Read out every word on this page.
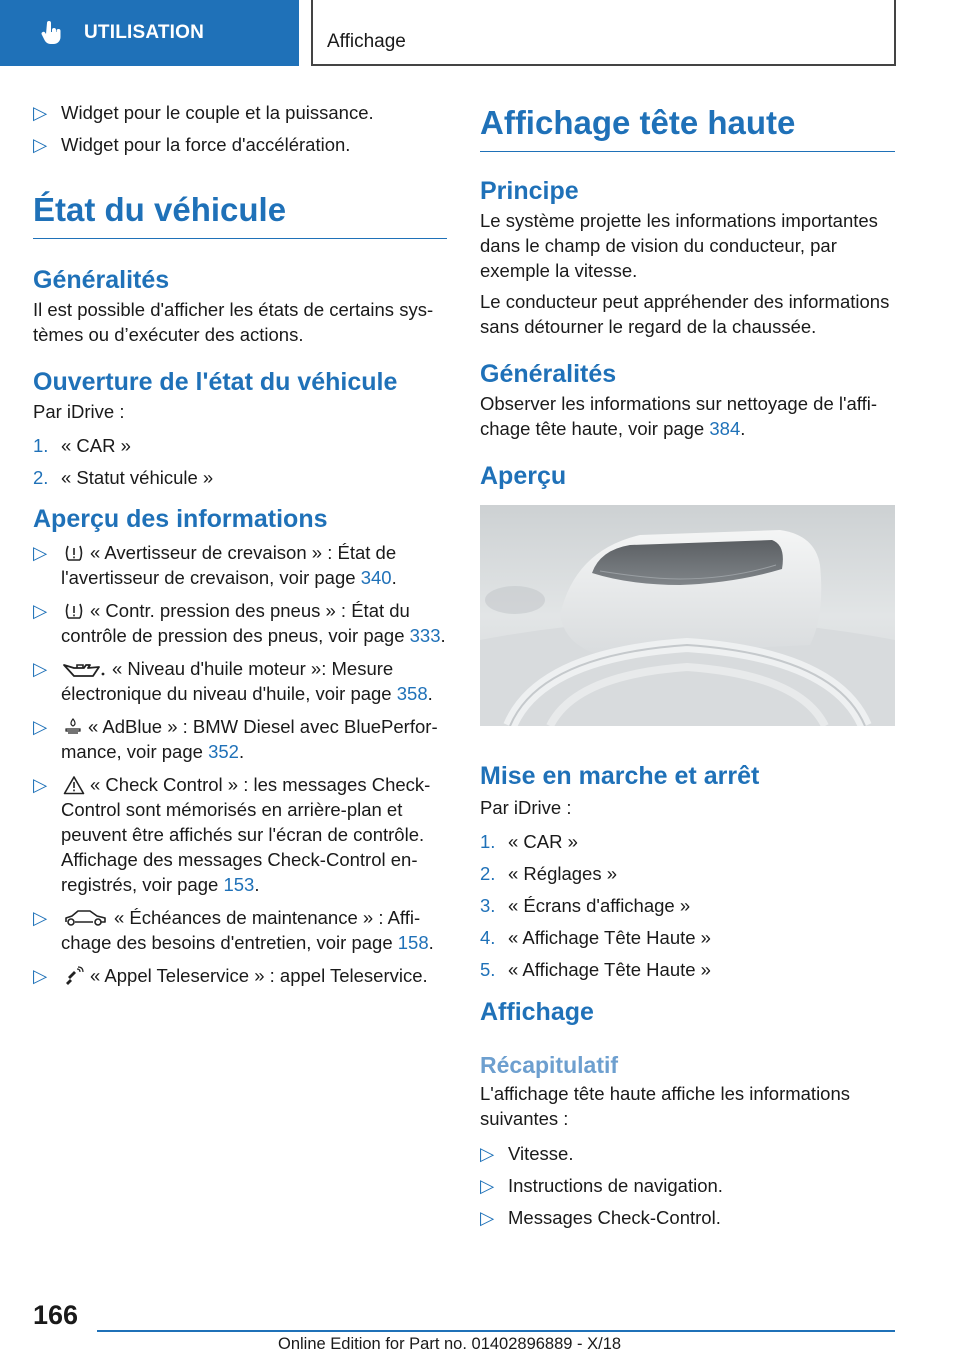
UTILISATION	Affichage
▷ Widget pour le couple et la puissance.
▷ Widget pour la force d'accélération.
État du véhicule
Généralités
Il est possible d'afficher les états de certains systèmes ou d’exécuter des actions.
Ouverture de l'état du véhicule
Par iDrive :
1. « CAR »
2. « Statut véhicule »
Aperçu des informations
▷	« Avertisseur de crevaison » : État de l'avertisseur de crevaison, voir page 340.
▷	« Contr. pression des pneus » : État du contrôle de pression des pneus, voir page 333.
▷	« Niveau d'huile moteur »: Mesure électronique du niveau d'huile, voir page 358.
▷	« AdBlue » : BMW Diesel avec BluePerformance, voir page 352.
▷	« Check Control » : les messages Check-Control sont mémorisés en arrière-plan et peuvent être affichés sur l'écran de contrôle. Affichage des messages Check-Control enregistrés, voir page 153.
▷	« Échéances de maintenance » : Affichage des besoins d'entretien, voir page 158.
▷	« Appel Teleservice » : appel Teleservice.
Affichage tête haute
Principe
Le système projette les informations importantes dans le champ de vision du conducteur, par exemple la vitesse.
Le conducteur peut appréhender des informations sans détourner le regard de la chaussée.
Généralités
Observer les informations sur nettoyage de l'affichage tête haute, voir page 384.
Aperçu
Mise en marche et arrêt
Par iDrive :
1. « CAR »
2. « Réglages »
3. « Écrans d'affichage »
4. « Affichage Tête Haute »
5. « Affichage Tête Haute »
Affichage
Récapitulatif
L'affichage tête haute affiche les informations suivantes :
▷ Vitesse.
▷ Instructions de navigation.
▷ Messages Check-Control.
166
Online Edition for Part no. 01402896889 - X/18
